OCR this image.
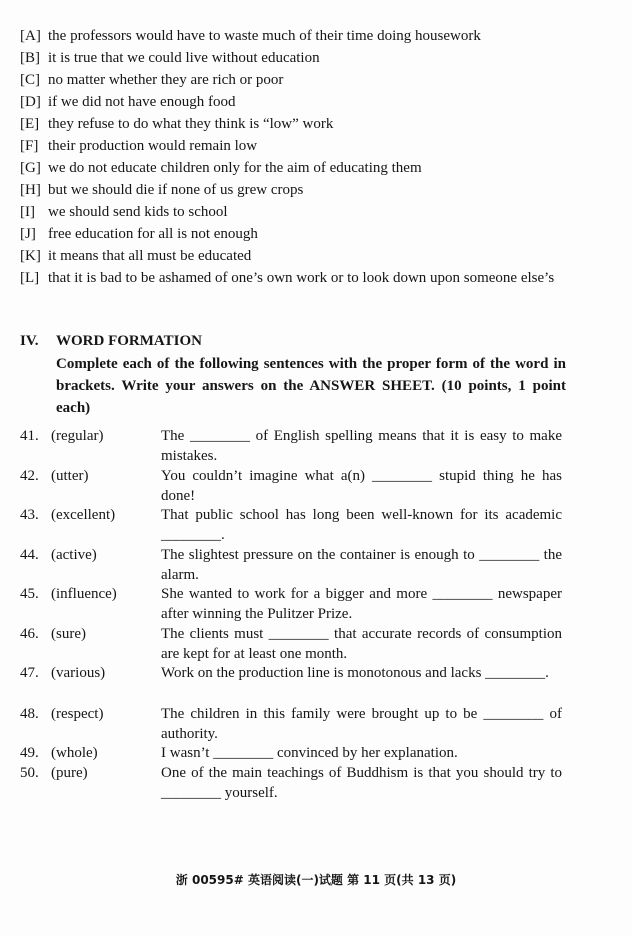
[A] the professors would have to waste much of their time doing housework
[B] it is true that we could live without education
[C] no matter whether they are rich or poor
[D] if we did not have enough food
[E] they refuse to do what they think is “low” work
[F] their production would remain low
[G] we do not educate children only for the aim of educating them
[H] but we should die if none of us grew crops
[I] we should send kids to school
[J] free education for all is not enough
[K] it means that all must be educated
[L] that it is bad to be ashamed of one’s own work or to look down upon someone else’s
IV.	WORD FORMATION
Complete each of the following sentences with the proper form of the word in brackets. Write your answers on the ANSWER SHEET. (10 points, 1 point each)
41. (regular)	The ________ of English spelling means that it is easy to make mistakes.
42. (utter)	You couldn’t imagine what a(n) ________ stupid thing he has done!
43. (excellent)	That public school has long been well-known for its academic ________.
44. (active)	The slightest pressure on the container is enough to ________ the alarm.
45. (influence)	She wanted to work for a bigger and more ________ newspaper after winning the Pulitzer Prize.
46. (sure)	The clients must ________ that accurate records of consumption are kept for at least one month.
47. (various)	Work on the production line is monotonous and lacks ________.
48. (respect)	The children in this family were brought up to be ________ of authority.
49. (whole)	I wasn’t ________ convinced by her explanation.
50. (pure)	One of the main teachings of Buddhism is that you should try to ________ yourself.
浙 00595# 英语阅读(一)试题 第 11 页(共 13 页)
